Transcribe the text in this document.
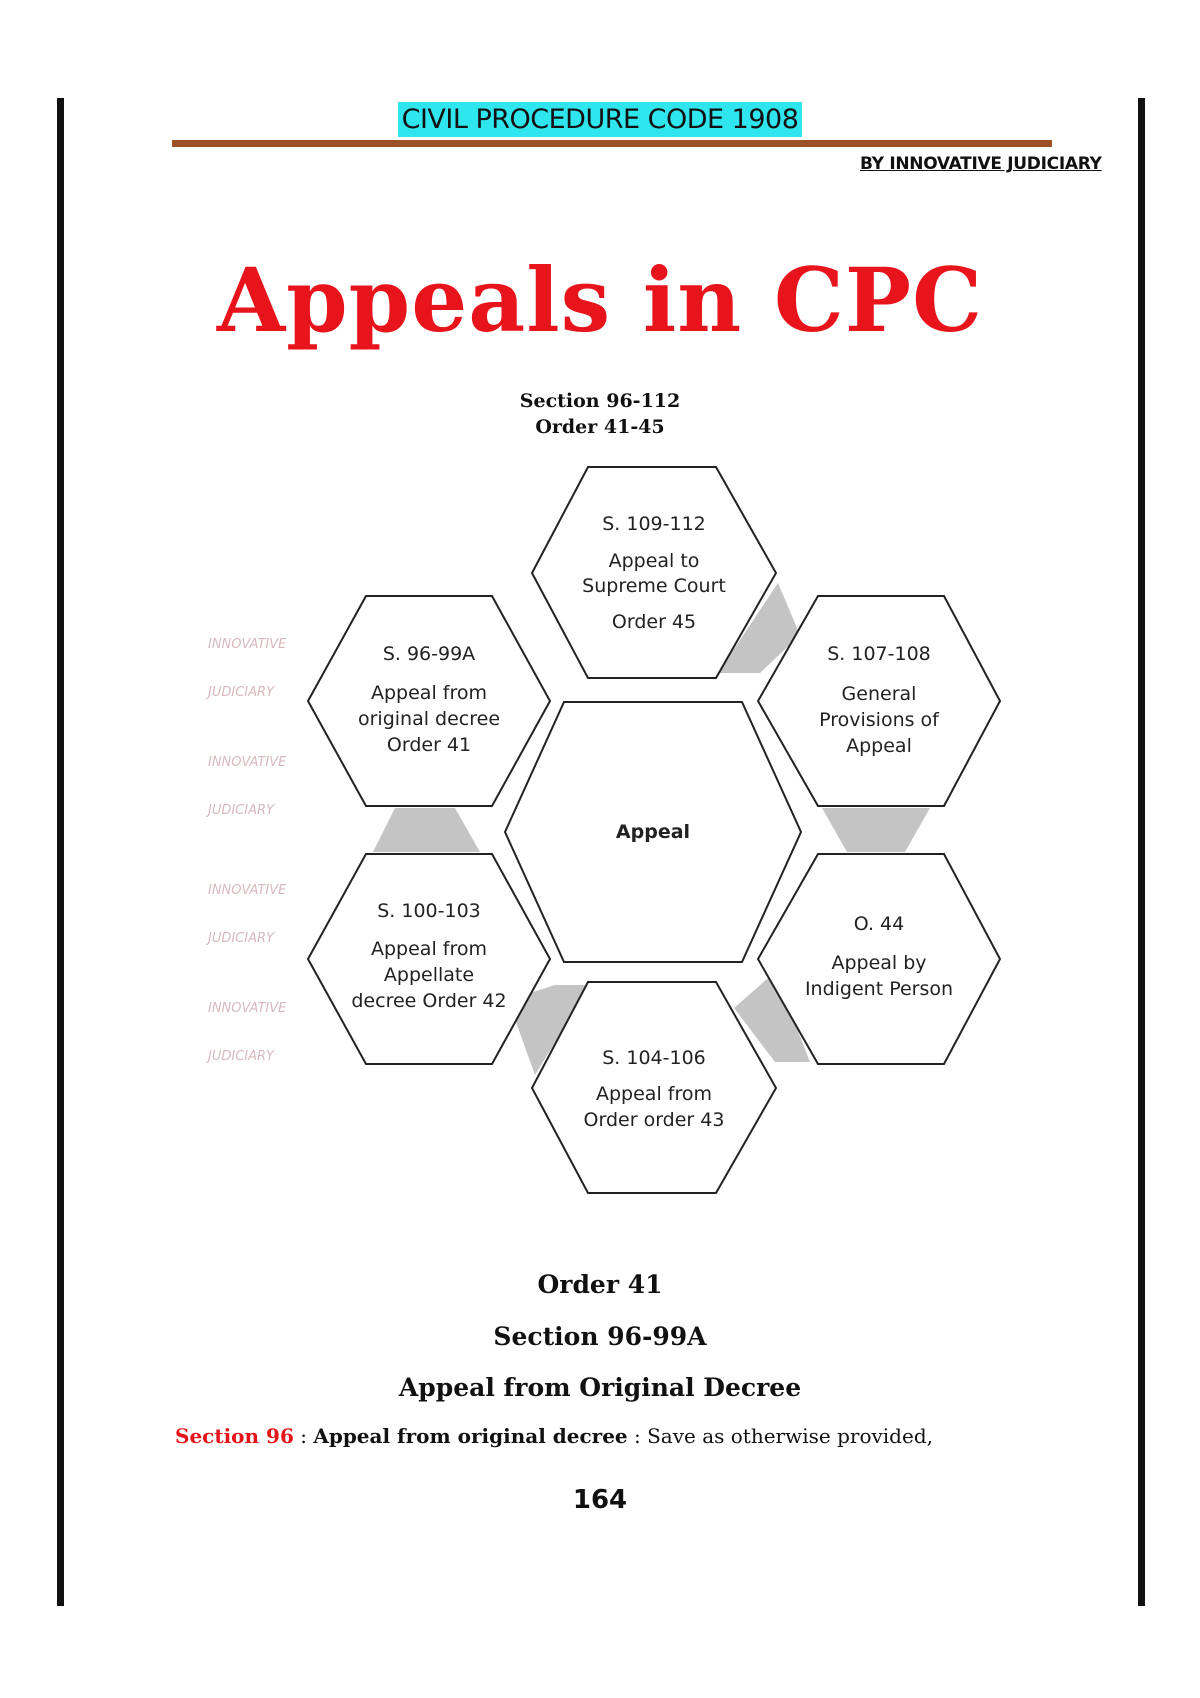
CIVIL PROCEDURE CODE 1908
BY INNOVATIVE JUDICIARY
Appeals in CPC
Section 96-112
Order 41-45
INNOVATIVE
JUDICIARY
INNOVATIVE
JUDICIARY
INNOVATIVE
JUDICIARY
INNOVATIVE
JUDICIARY
Appeal
S. 109-112
Appeal to
Supreme Court
Order 45
S. 107-108
General
Provisions of
Appeal
O. 44
Appeal by
Indigent Person
S. 104-106
Appeal from
Order order 43
S. 100-103
Appeal from
Appellate
decree Order 42
S. 96-99A
Appeal from
original decree
Order 41
Order 41
Section 96-99A
Appeal from Original Decree
Section 96 : Appeal from original decree : Save as otherwise provided,
164
